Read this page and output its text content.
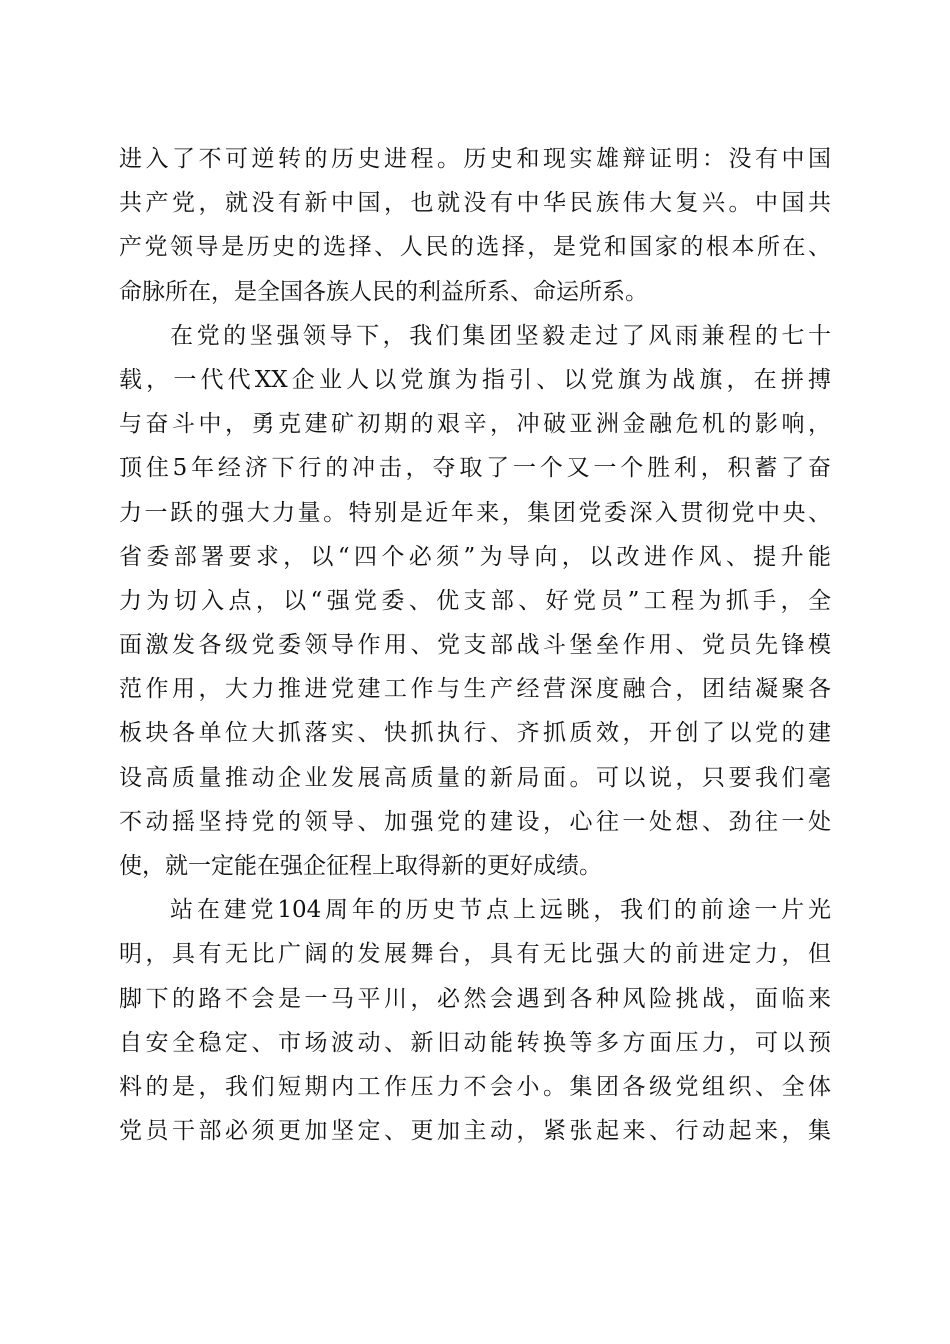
进入了不可逆转的历史进程。历史和现实雄辩证明：没有中国
共产党，就没有新中国，也就没有中华民族伟大复兴。中国共
产党领导是历史的选择、人民的选择，是党和国家的根本所在、
命脉所在，是全国各族人民的利益所系、命运所系。
在党的坚强领导下，我们集团坚毅走过了风雨兼程的七十
载，一代代XX企业人以党旗为指引、以党旗为战旗，在拼搏
与奋斗中，勇克建矿初期的艰辛，冲破亚洲金融危机的影响，
顶住5年经济下行的冲击，夺取了一个又一个胜利，积蓄了奋
力一跃的强大力量。特别是近年来，集团党委深入贯彻党中央、
省委部署要求，以“四个必须”为导向，以改进作风、提升能
力为切入点，以“强党委、优支部、好党员”工程为抓手，全
面激发各级党委领导作用、党支部战斗堡垒作用、党员先锋模
范作用，大力推进党建工作与生产经营深度融合，团结凝聚各
板块各单位大抓落实、快抓执行、齐抓质效，开创了以党的建
设高质量推动企业发展高质量的新局面。可以说，只要我们毫
不动摇坚持党的领导、加强党的建设，心往一处想、劲往一处
使，就一定能在强企征程上取得新的更好成绩。
站在建党104周年的历史节点上远眺，我们的前途一片光
明，具有无比广阔的发展舞台，具有无比强大的前进定力，但
脚下的路不会是一马平川，必然会遇到各种风险挑战，面临来
自安全稳定、市场波动、新旧动能转换等多方面压力，可以预
料的是，我们短期内工作压力不会小。集团各级党组织、全体
党员干部必须更加坚定、更加主动，紧张起来、行动起来，集
